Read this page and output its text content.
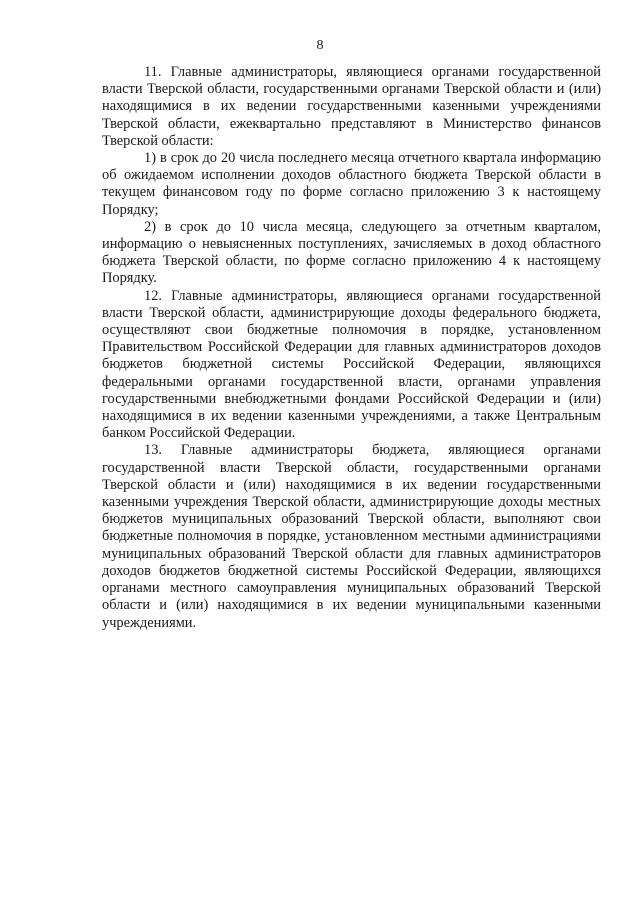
8

11. Главные администраторы, являющиеся органами государственной власти Тверской области, государственными органами Тверской области и (или) находящимися в их ведении государственными казенными учреждениями Тверской области, ежеквартально представляют в Министерство финансов Тверской области:

1) в срок до 20 числа последнего месяца отчетного квартала информацию об ожидаемом исполнении доходов областного бюджета Тверской области в текущем финансовом году по форме согласно приложению 3 к настоящему Порядку;

2) в срок до 10 числа месяца, следующего за отчетным кварталом, информацию о невыясненных поступлениях, зачисляемых в доход областного бюджета Тверской области, по форме согласно приложению 4 к настоящему Порядку.

12. Главные администраторы, являющиеся органами государственной власти Тверской области, администрирующие доходы федерального бюджета, осуществляют свои бюджетные полномочия в порядке, установленном Правительством Российской Федерации для главных администраторов доходов бюджетов бюджетной системы Российской Федерации, являющихся федеральными органами государственной власти, органами управления государственными внебюджетными фондами Российской Федерации и (или) находящимися в их ведении казенными учреждениями, а также Центральным банком Российской Федерации.

13. Главные администраторы бюджета, являющиеся органами государственной власти Тверской области, государственными органами Тверской области и (или) находящимися в их ведении государственными казенными учреждения Тверской области, администрирующие доходы местных бюджетов муниципальных образований Тверской области, выполняют свои бюджетные полномочия в порядке, установленном местными администрациями муниципальных образований Тверской области для главных администраторов доходов бюджетов бюджетной системы Российской Федерации, являющихся органами местного самоуправления муниципальных образований Тверской области и (или) находящимися в их ведении муниципальными казенными учреждениями.
